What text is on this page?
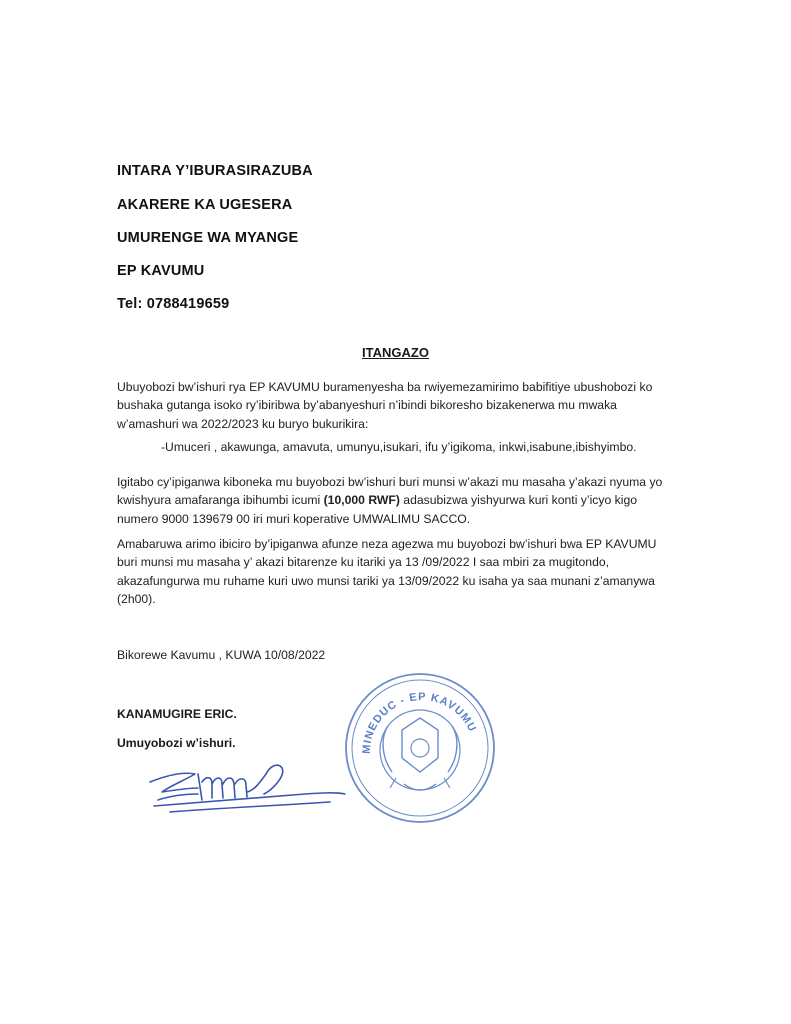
INTARA Y’IBURASIRAZUBA
AKARERE KA UGESERA
UMURENGE WA MYANGE
EP KAVUMU
Tel: 0788419659
ITANGAZO
Ubuyobozi bw’ishuri rya EP KAVUMU buramenyesha ba rwiyemezamirimo babifitiye ubushobozi ko
bushaka gutanga isoko ry’ibiribwa by’abanyeshuri n’ibindi bikoresho bizakenerwa mu mwaka
w’amashuri wa 2022/2023 ku buryo bukurikira:
-Umuceri , akawunga, amavuta, umunyu,isukari, ifu y’igikoma, inkwi,isabune,ibishyimbo.
Igitabo cy’ipiganwa kiboneka mu buyobozi bw’ishuri buri munsi w’akazi mu masaha y’akazi nyuma yo
kwishyura amafaranga ibihumbi icumi (10,000 RWF) adasubizwa yishyurwa kuri konti y’icyo kigo
numero 9000 139679 00 iri muri koperative UMWALIMU SACCO.
Amabaruwa arimo ibiciro by’ipiganwa afunze neza agezwa mu buyobozi bw’ishuri bwa EP KAVUMU
buri munsi mu masaha y’ akazi bitarenze ku itariki ya 13 /09/2022 I saa mbiri za mugitondo,
akazafungurwa mu ruhame kuri uwo munsi tariki ya 13/09/2022 ku isaha ya saa munani z’amanywa
(2h00).
Bikorewe Kavumu , KUWA 10/08/2022
KANAMUGIRE ERIC.
Umuyobozi w’ishuri.	MINEDUC - EP KAVUMU
